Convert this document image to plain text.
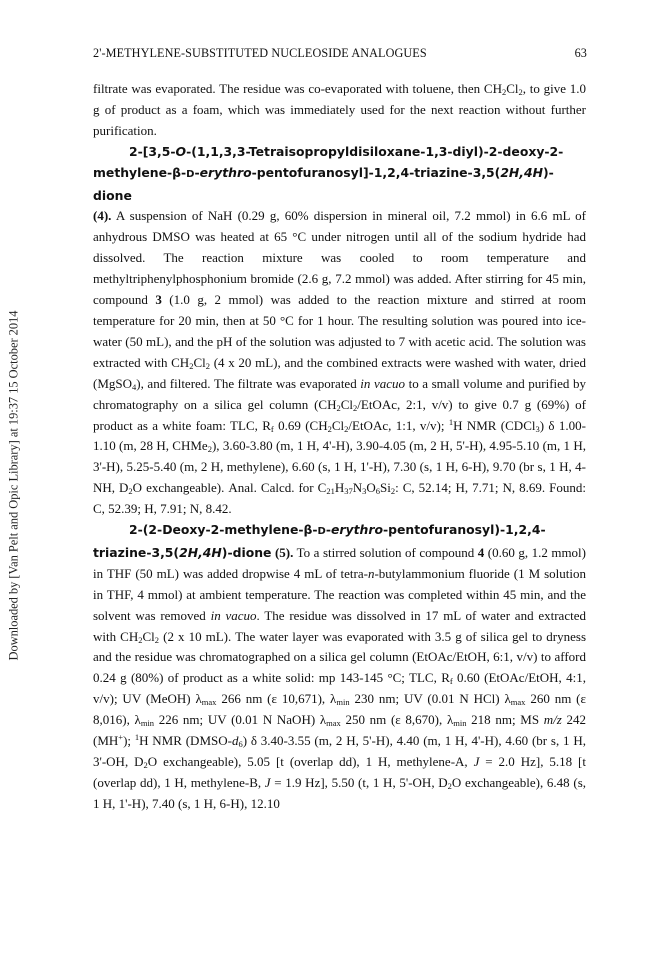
2'-METHYLENE-SUBSTITUTED NUCLEOSIDE ANALOGUES	63
Downloaded by [Van Pelt and Opic Library] at 19:37 15 October 2014

filtrate was evaporated. The residue was co-evaporated with toluene, then $CH_2Cl_2$, to give 1.0 g of product as a foam, which was immediately used for the next reaction without further purification.

2-[3,5-O-(1,1,3,3-Tetraisopropyldisiloxane-1,3-diyl)-2-deoxy-2-methylene-β-D-erythro-pentofuranosyl]-1,2,4-triazine-3,5(2H,4H)-dione
(4). A suspension of NaH (0.29 g, 60% dispersion in mineral oil, 7.2 mmol) in 6.6 mL of anhydrous DMSO was heated at 65 °C under nitrogen until all of the sodium hydride had dissolved. The reaction mixture was cooled to room temperature and methyltriphenylphosphonium bromide (2.6 g, 7.2 mmol) was added. After stirring for 45 min, compound 3 (1.0 g, 2 mmol) was added to the reaction mixture and stirred at room temperature for 20 min, then at 50 °C for 1 hour. The resulting solution was poured into ice-water (50 mL), and the pH of the solution was adjusted to 7 with acetic acid. The solution was extracted with $CH_2Cl_2$ (4 x 20 mL), and the combined extracts were washed with water, dried (MgSO$_4$), and filtered. The filtrate was evaporated in vacuo to a small volume and purified by chromatography on a silica gel column ($CH_2Cl_2$/EtOAc, 2:1, v/v) to give 0.7 g (69%) of product as a white foam: TLC, $R_f$ 0.69 ($CH_2Cl_2$/EtOAc, 1:1, v/v); $^1$H NMR (CDCl$_3$) δ 1.00-1.10 (m, 28 H, CHMe$_2$), 3.60-3.80 (m, 1 H, 4'-H), 3.90-4.05 (m, 2 H, 5'-H), 4.95-5.10 (m, 1 H, 3'-H), 5.25-5.40 (m, 2 H, methylene), 6.60 (s, 1 H, 1'-H), 7.30 (s, 1 H, 6-H), 9.70 (br s, 1 H, 4-NH, $D_2O$ exchangeable). Anal. Calcd. for $C_{21}H_{37}N_3O_6Si_2$: C, 52.14; H, 7.71; N, 8.69. Found: C, 52.39; H, 7.91; N, 8.42.

2-(2-Deoxy-2-methylene-β-D-erythro-pentofuranosyl)-1,2,4-triazine-3,5(2H,4H)-dione (5). To a stirred solution of compound 4 (0.60 g, 1.2 mmol) in THF (50 mL) was added dropwise 4 mL of tetra-n-butylammonium fluoride (1 M solution in THF, 4 mmol) at ambient temperature. The reaction was completed within 45 min, and the solvent was removed in vacuo. The residue was dissolved in 17 mL of water and extracted with $CH_2Cl_2$ (2 x 10 mL). The water layer was evaporated with 3.5 g of silica gel to dryness and the residue was chromatographed on a silica gel column (EtOAc/EtOH, 6:1, v/v) to afford 0.24 g (80%) of product as a white solid: mp 143-145 °C; TLC, $R_f$ 0.60 (EtOAc/EtOH, 4:1, v/v); UV (MeOH) $\lambda_{max}$ 266 nm (ε 10,671), $\lambda_{min}$ 230 nm; UV (0.01 N HCl) $\lambda_{max}$ 260 nm (ε 8,016), $\lambda_{min}$ 226 nm; UV (0.01 N NaOH) $\lambda_{max}$ 250 nm (ε 8,670), $\lambda_{min}$ 218 nm; MS m/z 242 (MH+); $^1$H NMR $(DMSO-d_6)$ δ 3.40-3.55 (m, 2 H, 5'-H), 4.40 (m, 1 H, 4'-H), 4.60 (br s, 1 H, 3'-OH, $D_2O$ exchangeable), 5.05 [t (overlap dd), 1 H, methylene-A, J = 2.0 Hz], 5.18 [t (overlap dd), 1 H, methylene-B, J = 1.9 Hz], 5.50 (t, 1 H, 5'-OH, $D_2O$ exchangeable), 6.48 (s, 1 H, 1'-H), 7.40 (s, 1 H, 6-H), 12.10
